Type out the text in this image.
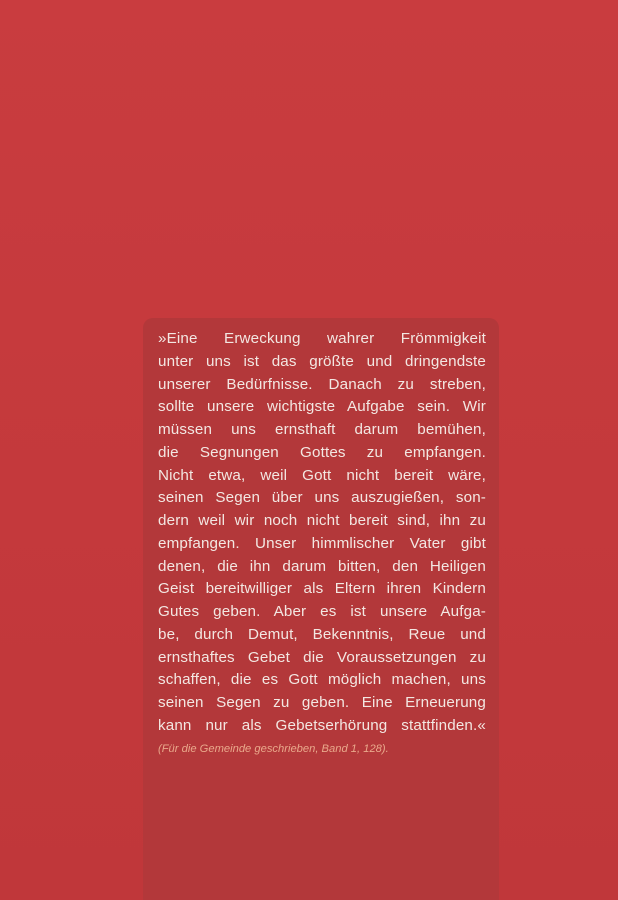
»Eine Erweckung wahrer Frömmigkeit
unter uns ist das größte und dringendste
unserer Bedürfnisse. Danach zu streben,
sollte unsere wichtigste Aufgabe sein. Wir
müssen uns ernsthaft darum bemühen,
die Segnungen Gottes zu empfangen.
Nicht etwa, weil Gott nicht bereit wäre,
seinen Segen über uns auszugießen, son-
dern weil wir noch nicht bereit sind, ihn zu
empfangen. Unser himmlischer Vater gibt
denen, die ihn darum bitten, den Heiligen
Geist bereitwilliger als Eltern ihren Kindern
Gutes geben. Aber es ist unsere Aufga-
be, durch Demut, Bekenntnis, Reue und
ernsthaftes Gebet die Voraussetzungen zu
schaffen, die es Gott möglich machen, uns
seinen Segen zu geben. Eine Erneuerung
kann nur als Gebetserhörung stattfinden.«
(Für die Gemeinde geschrieben, Band 1, 128).
